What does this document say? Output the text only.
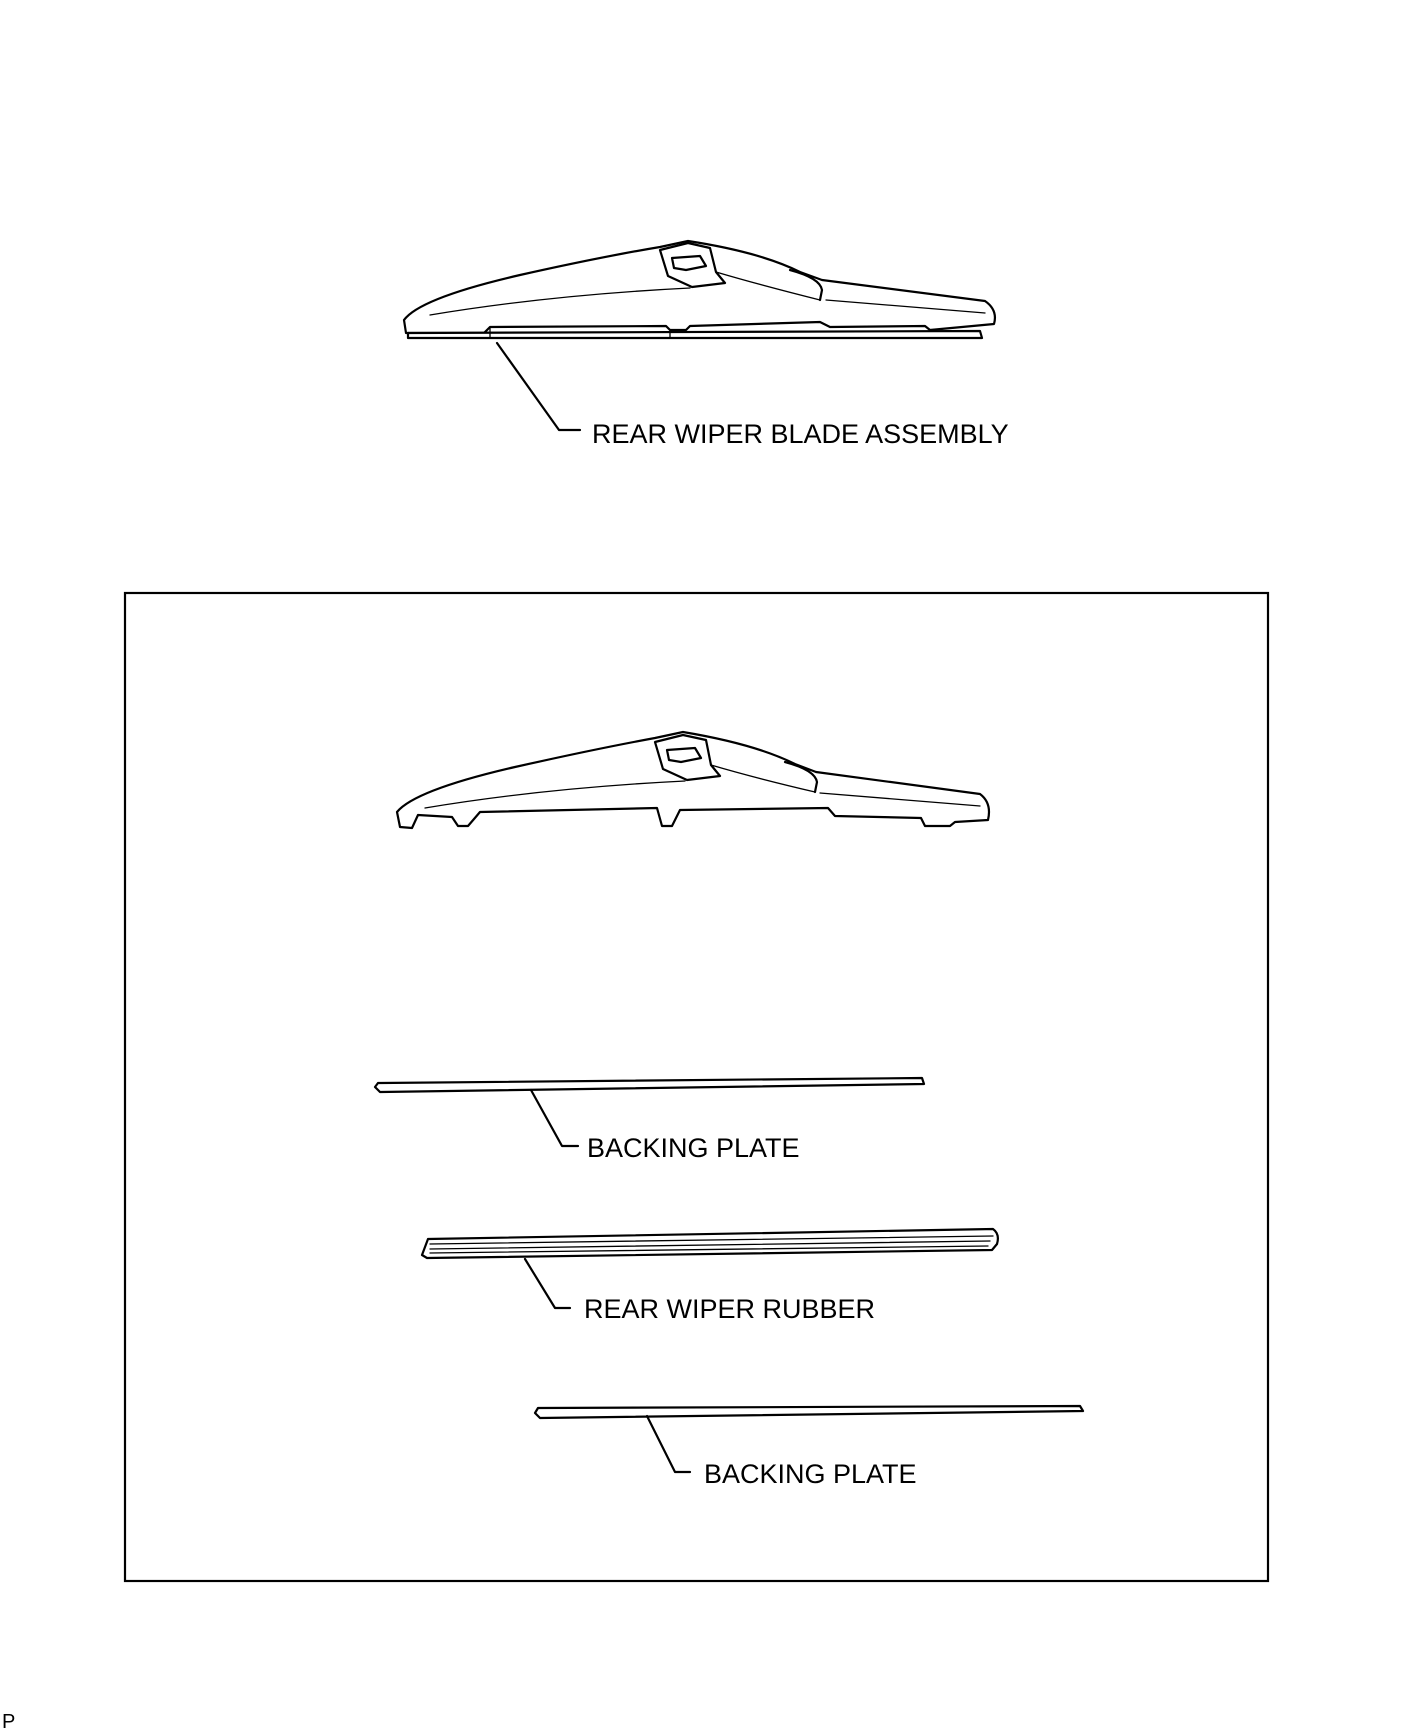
REAR WIPER BLADE ASSEMBLY
BACKING PLATE
REAR WIPER RUBBER
BACKING PLATE
P
